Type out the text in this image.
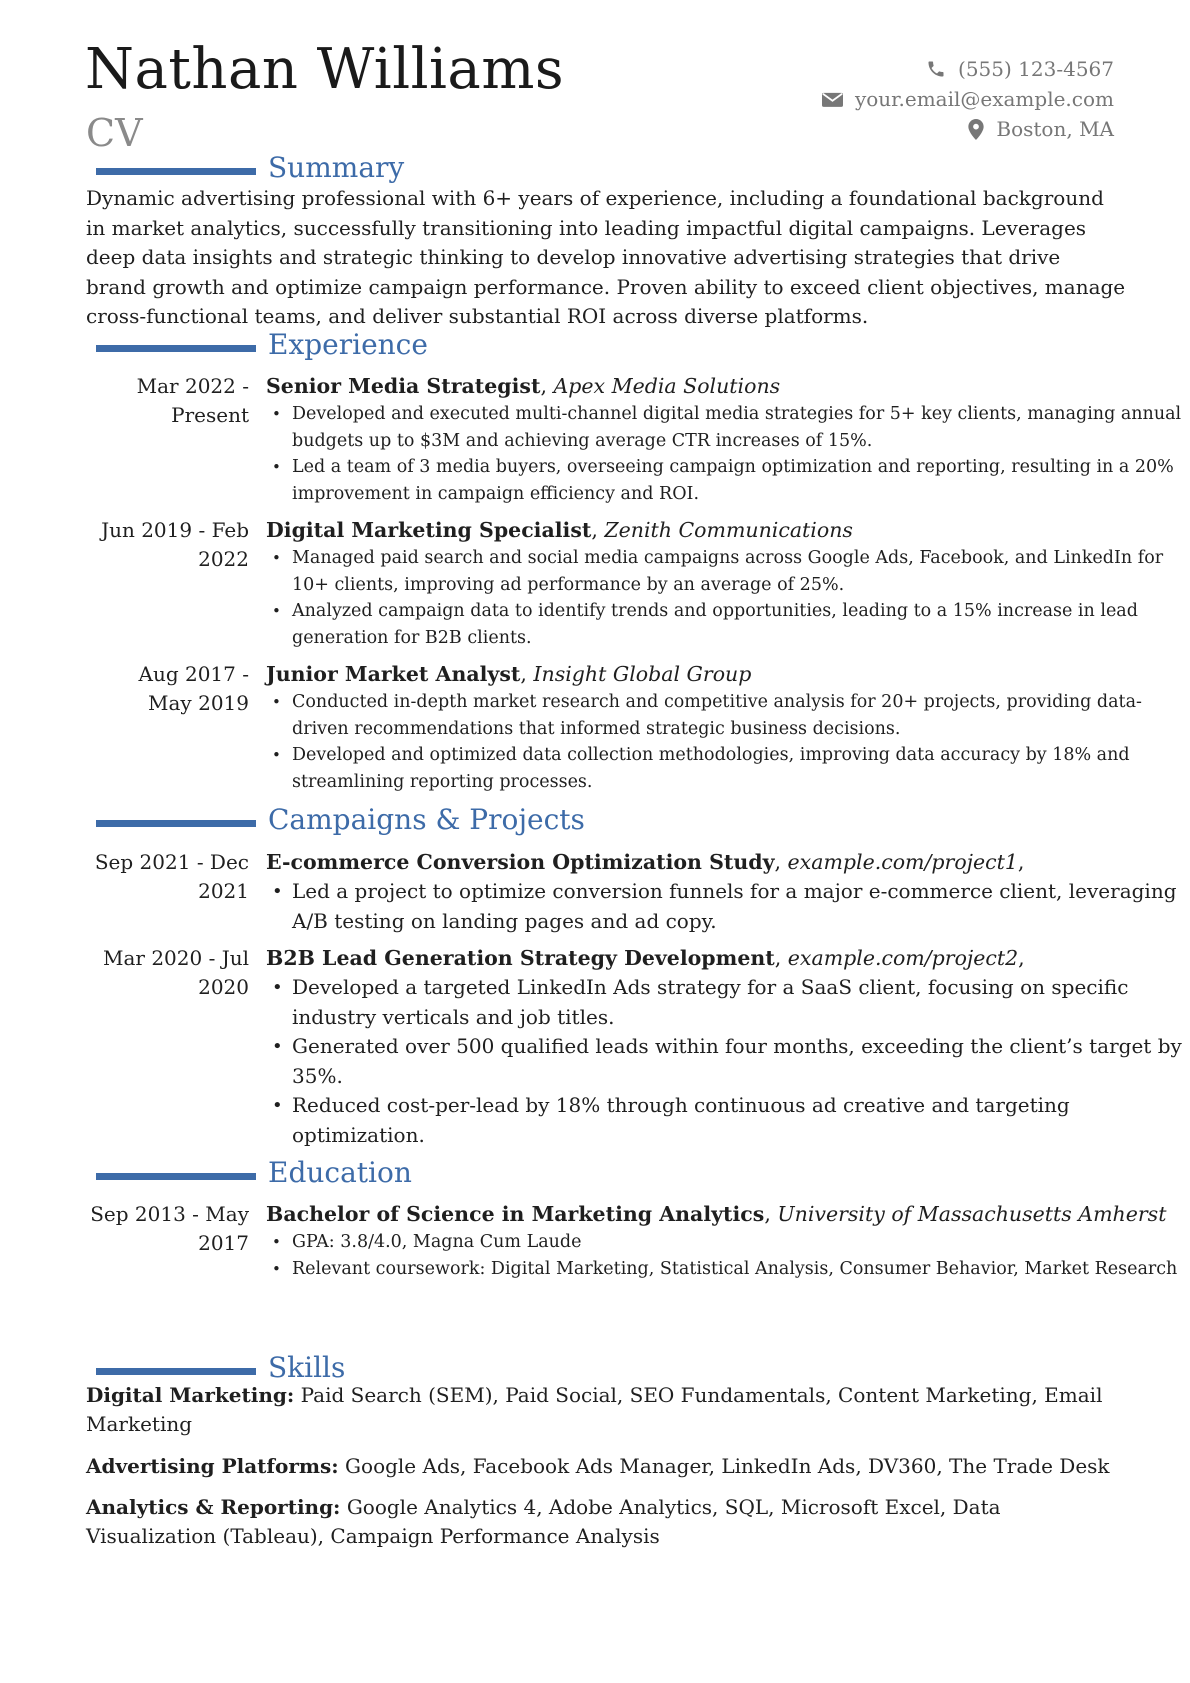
Nathan Williams
CV
(555) 123-4567
your.email@example.com
Boston, MA
Summary
Dynamic advertising professional with 6+ years of experience, including a foundational background in market analytics, successfully transitioning into leading impactful digital campaigns. Leverages deep data insights and strategic thinking to develop innovative advertising strategies that drive brand growth and optimize campaign performance. Proven ability to exceed client objectives, manage cross-functional teams, and deliver substantial ROI across diverse platforms.
Experience
Mar 2022 -
Present
Senior Media Strategist, Apex Media Solutions
• Developed and executed multi-channel digital media strategies for 5+ key clients, managing annual budgets up to $3M and achieving average CTR increases of 15%.
• Led a team of 3 media buyers, overseeing campaign optimization and reporting, resulting in a 20% improvement in campaign efficiency and ROI.
Jun 2019 - Feb
2022
Digital Marketing Specialist, Zenith Communications
• Managed paid search and social media campaigns across Google Ads, Facebook, and LinkedIn for 10+ clients, improving ad performance by an average of 25%.
• Analyzed campaign data to identify trends and opportunities, leading to a 15% increase in lead generation for B2B clients.
Aug 2017 -
May 2019
Junior Market Analyst, Insight Global Group
• Conducted in-depth market research and competitive analysis for 20+ projects, providing data-driven recommendations that informed strategic business decisions.
• Developed and optimized data collection methodologies, improving data accuracy by 18% and streamlining reporting processes.
Campaigns & Projects
Sep 2021 - Dec
2021
E-commerce Conversion Optimization Study, example.com/project1,
• Led a project to optimize conversion funnels for a major e-commerce client, leveraging A/B testing on landing pages and ad copy.
Mar 2020 - Jul
2020
B2B Lead Generation Strategy Development, example.com/project2,
• Developed a targeted LinkedIn Ads strategy for a SaaS client, focusing on specific industry verticals and job titles.
• Generated over 500 qualified leads within four months, exceeding the client’s target by 35%.
• Reduced cost-per-lead by 18% through continuous ad creative and targeting optimization.
Education
Sep 2013 - May
2017
Bachelor of Science in Marketing Analytics, University of Massachusetts Amherst
• GPA: 3.8/4.0, Magna Cum Laude
• Relevant coursework: Digital Marketing, Statistical Analysis, Consumer Behavior, Market Research
Skills
Digital Marketing: Paid Search (SEM), Paid Social, SEO Fundamentals, Content Marketing, Email Marketing
Advertising Platforms: Google Ads, Facebook Ads Manager, LinkedIn Ads, DV360, The Trade Desk
Analytics & Reporting: Google Analytics 4, Adobe Analytics, SQL, Microsoft Excel, Data Visualization (Tableau), Campaign Performance Analysis
